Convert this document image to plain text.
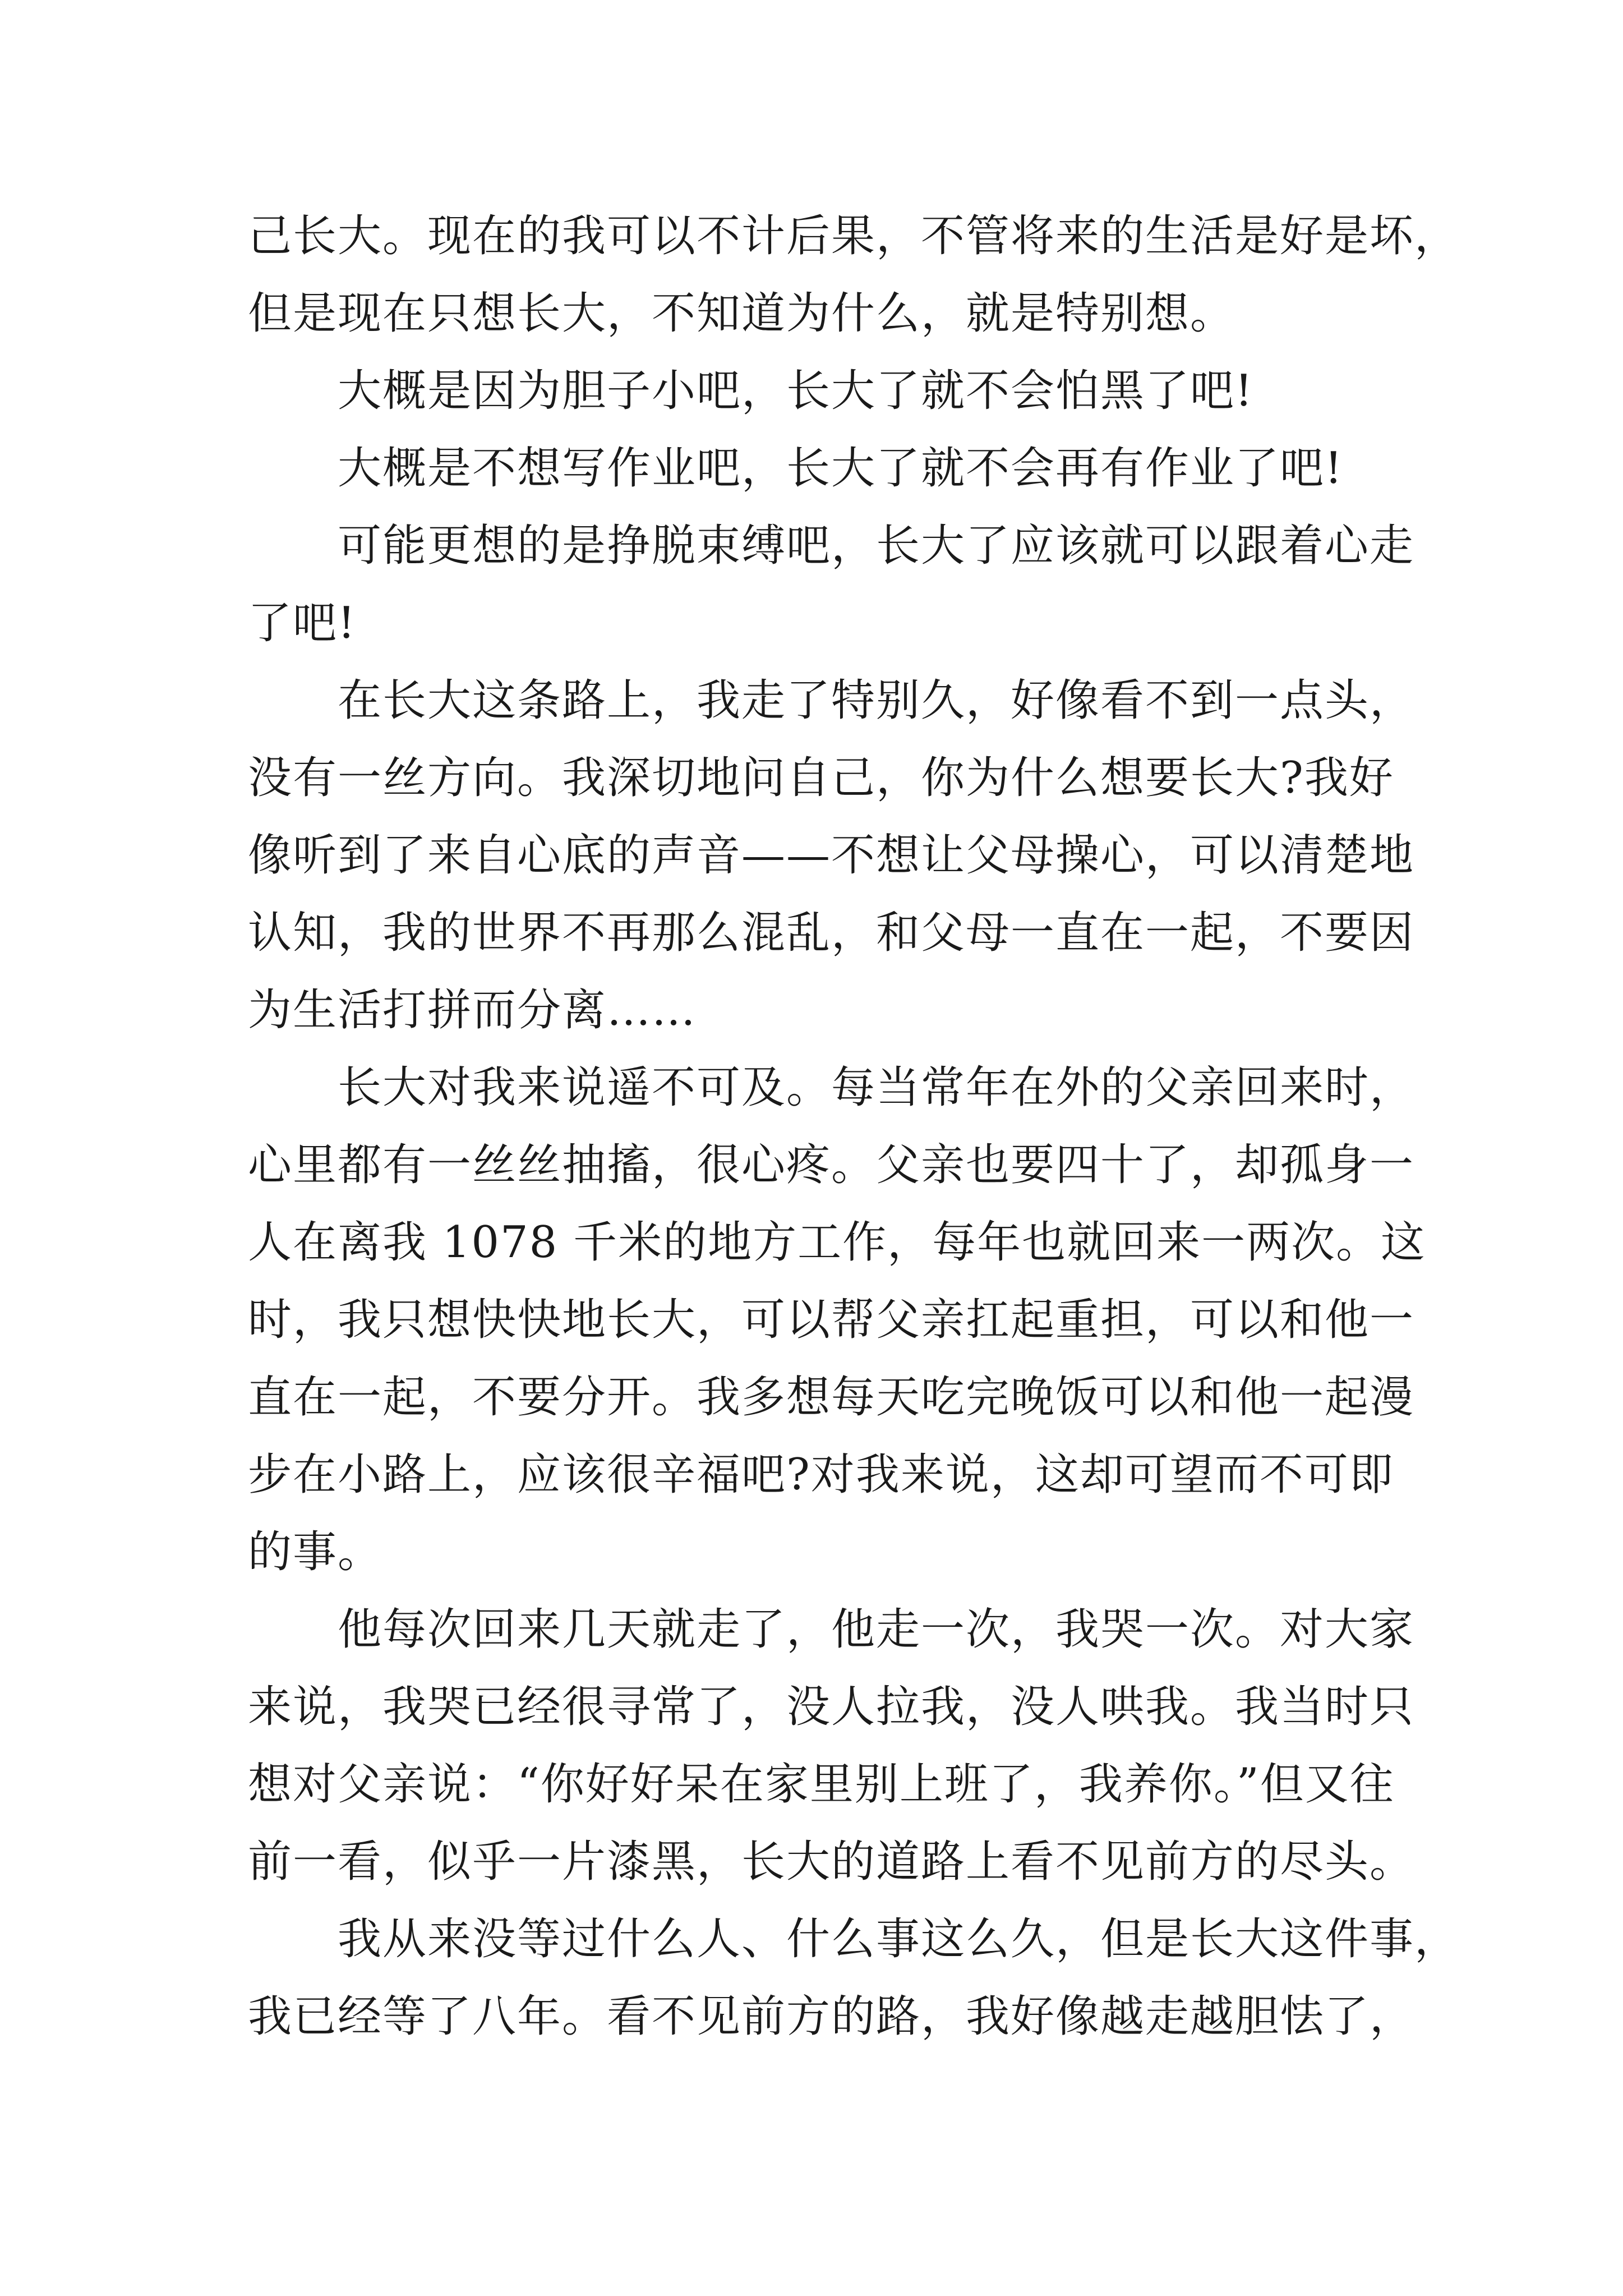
己长大。现在的我可以不计后果，不管将来的生活是好是坏，
但是现在只想长大，不知道为什么，就是特别想。
大概是因为胆子小吧，长大了就不会怕黑了吧!
大概是不想写作业吧，长大了就不会再有作业了吧!
可能更想的是挣脱束缚吧，长大了应该就可以跟着心走
了吧!
在长大这条路上，我走了特别久，好像看不到一点头，
没有一丝方向。我深切地问自己，你为什么想要长大?我好
像听到了来自心底的声音——不想让父母操心，可以清楚地
认知，我的世界不再那么混乱，和父母一直在一起，不要因
为生活打拼而分离……
长大对我来说遥不可及。每当常年在外的父亲回来时，
心里都有一丝丝抽搐，很心疼。父亲也要四十了，却孤身一
人在离我 1078 千米的地方工作，每年也就回来一两次。这
时，我只想快快地长大，可以帮父亲扛起重担，可以和他一
直在一起，不要分开。我多想每天吃完晚饭可以和他一起漫
步在小路上，应该很辛福吧?对我来说，这却可望而不可即
的事。
他每次回来几天就走了，他走一次，我哭一次。对大家
来说，我哭已经很寻常了，没人拉我，没人哄我。我当时只
想对父亲说：“你好好呆在家里别上班了，我养你。”但又往
前一看，似乎一片漆黑，长大的道路上看不见前方的尽头。
我从来没等过什么人、什么事这么久，但是长大这件事，
我已经等了八年。看不见前方的路，我好像越走越胆怯了，
